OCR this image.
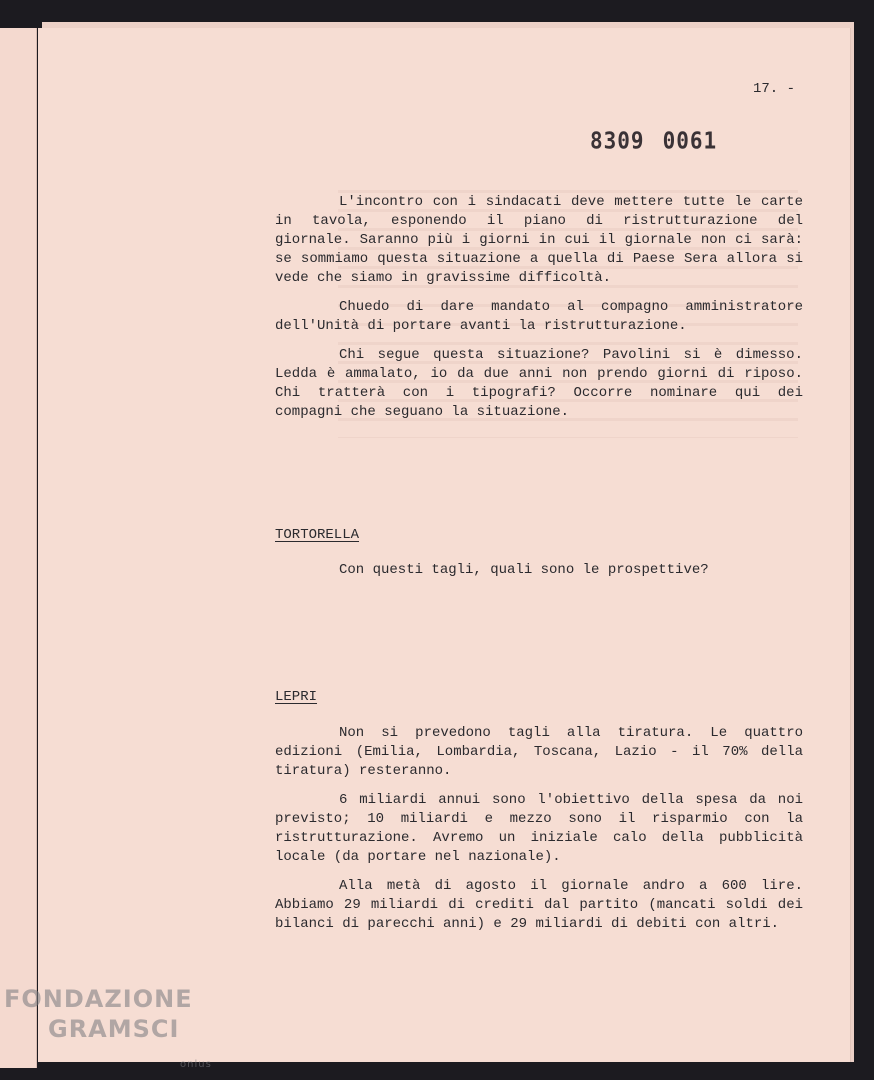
17. -
8309 0061

L'incontro con i sindacati deve mettere tutte le carte in tavola, esponendo il piano di ristrutturazione del giornale. Saranno più i giorni in cui il giornale non ci sarà: se sommiamo questa situazione a quella di Paese Sera allora si vede che siamo in gravissime difficoltà.

Chuedo di dare mandato al compagno amministratore dell'Unità di portare avanti la ristrutturazione.

Chi segue questa situazione? Pavolini si è dimesso. Ledda è ammalato, io da due anni non prendo giorni di riposo. Chi tratterà con i tipografi? Occorre nominare qui dei compagni che seguano la situazione.

TORTORELLA

Con questi tagli, quali sono le prospettive?

LEPRI

Non si prevedono tagli alla tiratura. Le quattro edizioni (Emilia, Lombardia, Toscana, Lazio - il 70% della tiratura) resteranno.

6 miliardi annui sono l'obiettivo della spesa da noi previsto; 10 miliardi e mezzo sono il risparmio con la ristrutturazione. Avremo un iniziale calo della pubblicità locale (da portare nel nazionale).

Alla metà di agosto il giornale andro a 600 lire. Abbiamo 29 miliardi di crediti dal partito (mancati soldi dei bilanci di parecchi anni) e 29 miliardi di debiti con altri.

FONDAZIONE
GRAMSCI
onlus
